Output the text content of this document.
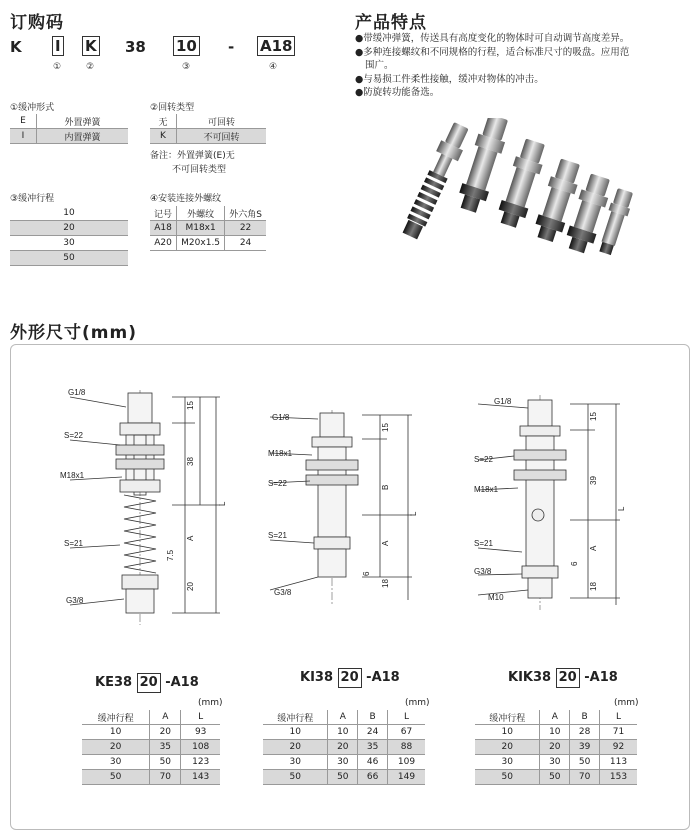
订购码
K I K 38 10 - A18
①	②	③	④
①缓冲形式
E	外置弹簧
I	内置弹簧
②回转类型
无	可回转
K	不可回转
备注：外置弹簧(E)无
不可回转类型
③缓冲行程
10
20
30
50
④安装连接外螺纹
记号	外螺纹	外六角S
A18	M18x1	22
A20	M20x1.5	24
产品特点
●带缓冲弹簧，传送具有高度变化的物体时可自动调节高度差异。
●多种连接螺纹和不同规格的行程，适合标准尺寸的吸盘。应用范
围广。
●与易损工件柔性接触，缓冲对物体的冲击。
●防旋转功能备选。
外形尺寸(mm)
G1/8
S=22
M18x1
S=21
G3/8
15
38
A
7.5
20
L
G1/8
M18x1
S=22
S=21
G3/8
15
B
A
6
18
L
G1/8
S=22
M18x1
S=21
G3/8
M10
15
39
A
6
18
L
KE38 20 -A18	KI38 20 -A18	KIK38 20 -A18
(mm)	(mm)	(mm)
缓冲行程	A	L
10	20	93
20	35	108
30	50	123
50	70	143
缓冲行程	A	B	L
10	10	24	67
20	20	35	88
30	30	46	109
50	50	66	149
缓冲行程	A	B	L
10	10	28	71
20	20	39	92
30	30	50	113
50	50	70	153
